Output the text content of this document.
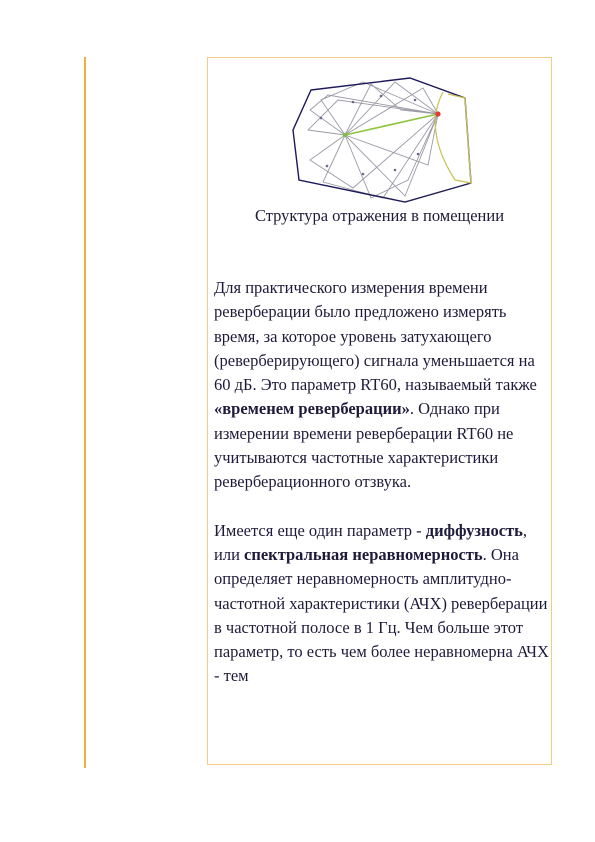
Структура отражения в помещении

Для практического измерения времени реверберации было предложено измерять время, за которое уровень затухающего (реверберирующего) сигнала уменьшается на 60 дБ. Это параметр RT60, называемый также «временем реверберации». Однако при измерении времени реверберации RT60 не учитываются частотные характеристики реверберационного отзвука.

Имеется еще один параметр - диффузность, или спектральная неравномерность. Она определяет неравномерность амплитудно-частотной характеристики (АЧХ) реверберации в частотной полосе в 1 Гц. Чем больше этот параметр, то есть чем более неравномерна АЧХ - тем
